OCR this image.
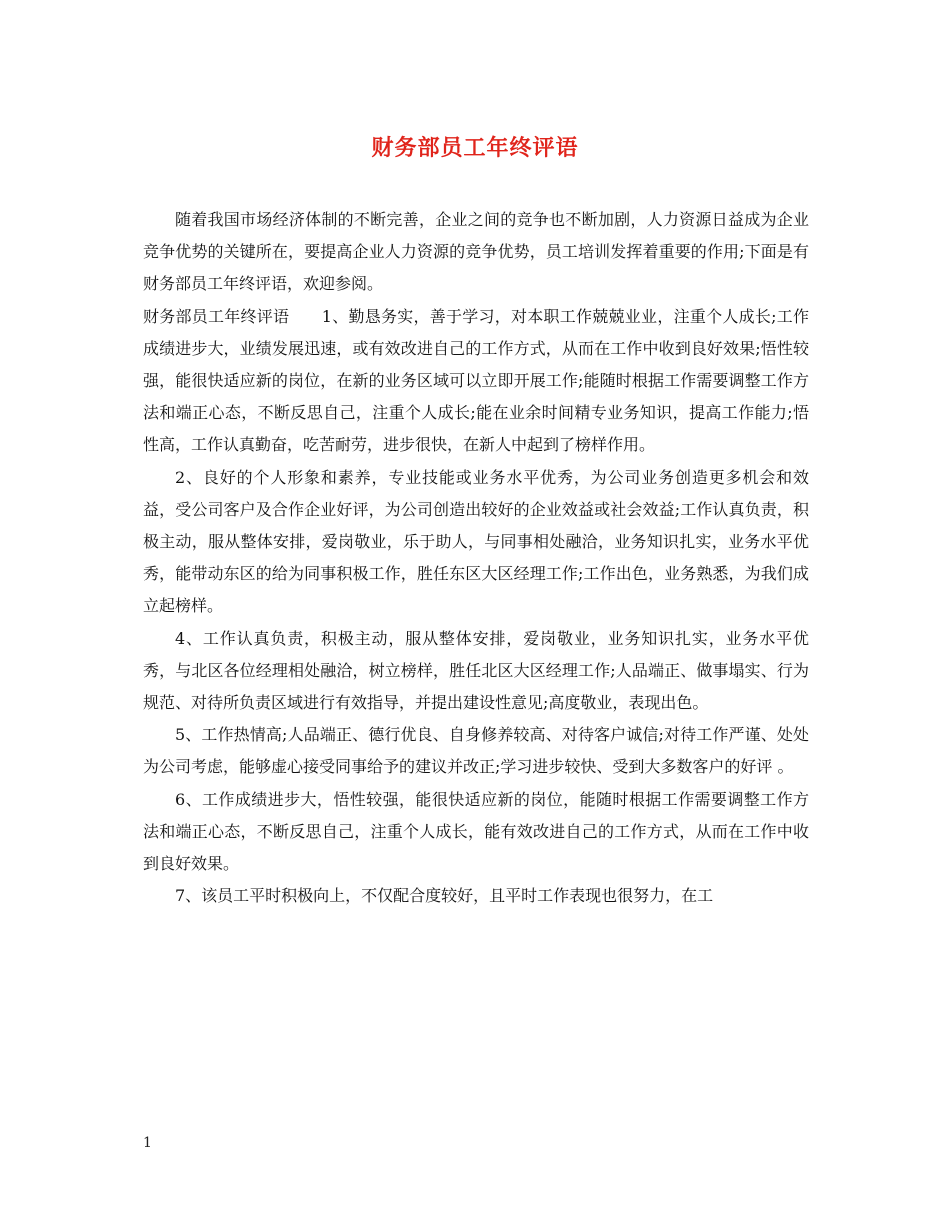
财务部员工年终评语

随着我国市场经济体制的不断完善，企业之间的竞争也不断加剧，人力资源日益成为企业竞争优势的关键所在，要提高企业人力资源的竞争优势，员工培训发挥着重要的作用;下面是有财务部员工年终评语，欢迎参阅。

财务部员工年终评语　　1、勤恳务实，善于学习，对本职工作兢兢业业，注重个人成长;工作成绩进步大，业绩发展迅速，或有效改进自己的工作方式，从而在工作中收到良好效果;悟性较强，能很快适应新的岗位，在新的业务区域可以立即开展工作;能随时根据工作需要调整工作方法和端正心态，不断反思自己，注重个人成长;能在业余时间精专业务知识，提高工作能力;悟性高，工作认真勤奋，吃苦耐劳，进步很快，在新人中起到了榜样作用。

2、良好的个人形象和素养，专业技能或业务水平优秀，为公司业务创造更多机会和效益，受公司客户及合作企业好评，为公司创造出较好的企业效益或社会效益;工作认真负责，积极主动，服从整体安排，爱岗敬业，乐于助人，与同事相处融洽，业务知识扎实，业务水平优秀，能带动东区的给为同事积极工作，胜任东区大区经理工作;工作出色，业务熟悉，为我们成立起榜样。

4、工作认真负责，积极主动，服从整体安排，爱岗敬业，业务知识扎实，业务水平优秀，与北区各位经理相处融洽，树立榜样，胜任北区大区经理工作;人品端正、做事塌实、行为规范、对待所负责区域进行有效指导，并提出建设性意见;高度敬业，表现出色。

5、工作热情高;人品端正、德行优良、自身修养较高、对待客户诚信;对待工作严谨、处处为公司考虑，能够虚心接受同事给予的建议并改正;学习进步较快、受到大多数客户的好评 。

6、工作成绩进步大，悟性较强，能很快适应新的岗位，能随时根据工作需要调整工作方法和端正心态，不断反思自己，注重个人成长，能有效改进自己的工作方式，从而在工作中收到良好效果。

7、该员工平时积极向上，不仅配合度较好，且平时工作表现也很努力，在工

1
